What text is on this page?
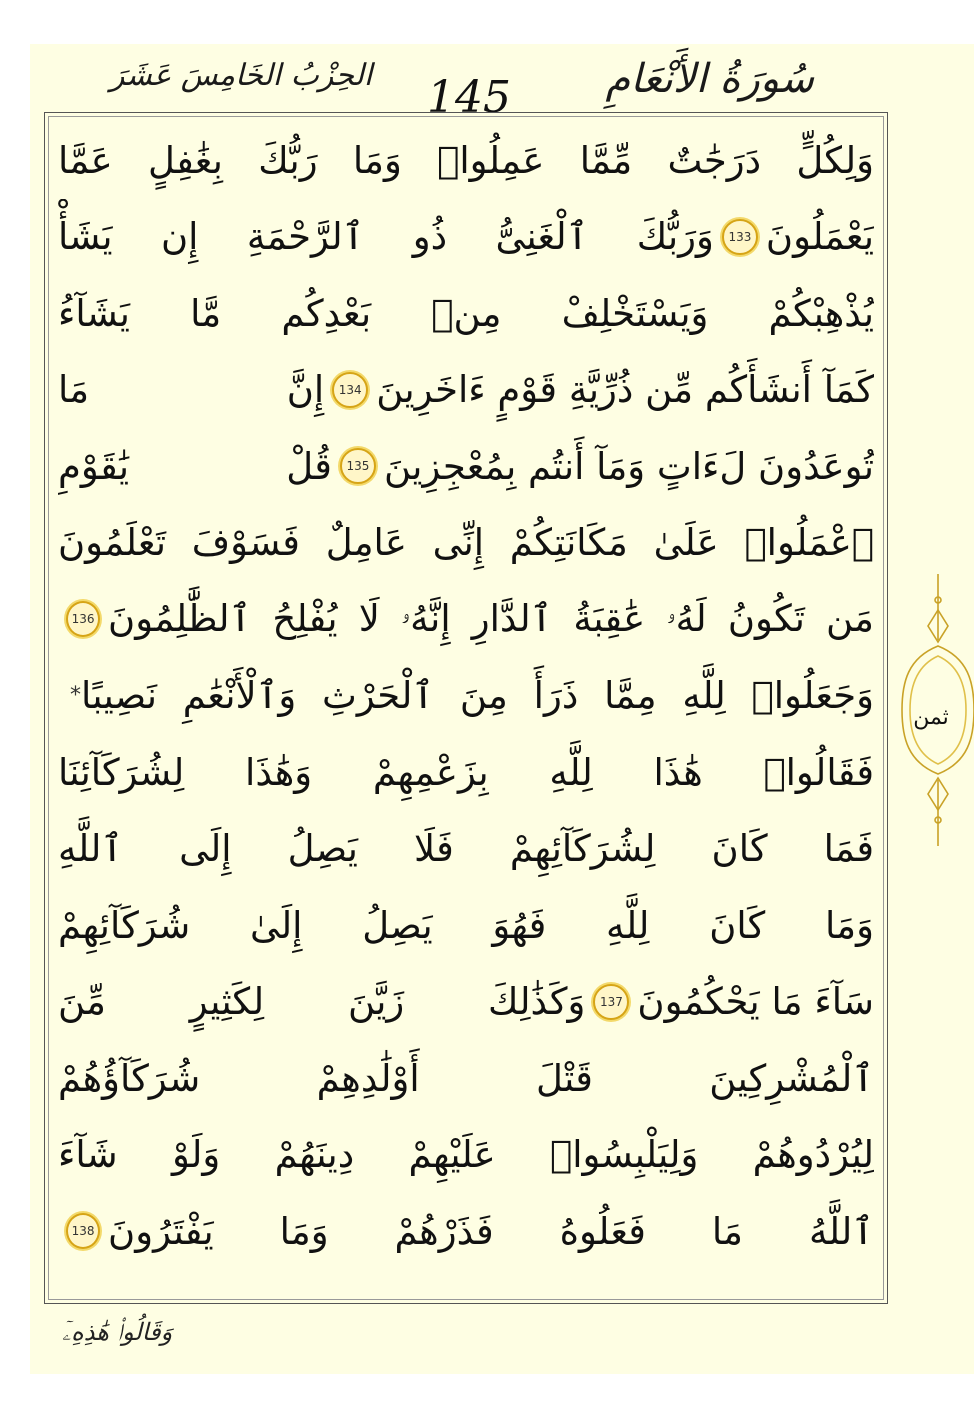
سُورَةُ الأَنْعَامِ
الحِزْبُ الخَامِسَ عَشَرَ 145
وَلِكُلٍّ دَرَجَٰتٌ مِّمَّا عَمِلُوا۟ وَمَا رَبُّكَ بِغَٰفِلٍ عَمَّا
يَعْمَلُونَ
133
وَرَبُّكَ ٱلْغَنِىُّ ذُو ٱلرَّحْمَةِ إِن يَشَأْ
يُذْهِبْكُمْ وَيَسْتَخْلِفْ مِنۢ بَعْدِكُم مَّا يَشَآءُ
كَمَآ أَنشَأَكُم مِّن ذُرِّيَّةِ قَوْمٍ ءَاخَرِينَ
134
إِنَّ مَا
تُوعَدُونَ لَءَاتٍ وَمَآ أَنتُم بِمُعْجِزِينَ
135
قُلْ يَٰقَوْمِ
ٱعْمَلُوا۟ عَلَىٰ مَكَانَتِكُمْ إِنِّى عَامِلٌ فَسَوْفَ تَعْلَمُونَ
مَن تَكُونُ لَهُۥ عَٰقِبَةُ ٱلدَّارِ إِنَّهُۥ لَا يُفْلِحُ ٱلظَّٰلِمُونَ
136
وَجَعَلُوا۟ لِلَّهِ مِمَّا ذَرَأَ مِنَ ٱلْحَرْثِ وَٱلْأَنْعَٰمِ نَصِيبًا
*
فَقَالُوا۟ هَٰذَا لِلَّهِ بِزَعْمِهِمْ وَهَٰذَا لِشُرَكَآئِنَا
فَمَا كَانَ لِشُرَكَآئِهِمْ فَلَا يَصِلُ إِلَى ٱللَّهِ
وَمَا كَانَ لِلَّهِ فَهُوَ يَصِلُ إِلَىٰ شُرَكَآئِهِمْ
سَآءَ مَا يَحْكُمُونَ
137
وَكَذَٰلِكَ زَيَّنَ لِكَثِيرٍ مِّنَ
ٱلْمُشْرِكِينَ قَتْلَ أَوْلَٰدِهِمْ شُرَكَآؤُهُمْ
لِيُرْدُوهُمْ وَلِيَلْبِسُوا۟ عَلَيْهِمْ دِينَهُمْ وَلَوْ شَآءَ
ٱللَّهُ مَا فَعَلُوهُ فَذَرْهُمْ وَمَا يَفْتَرُونَ
138
ثمن
وَقَالُوا۟ هَٰذِهِۦٓ
